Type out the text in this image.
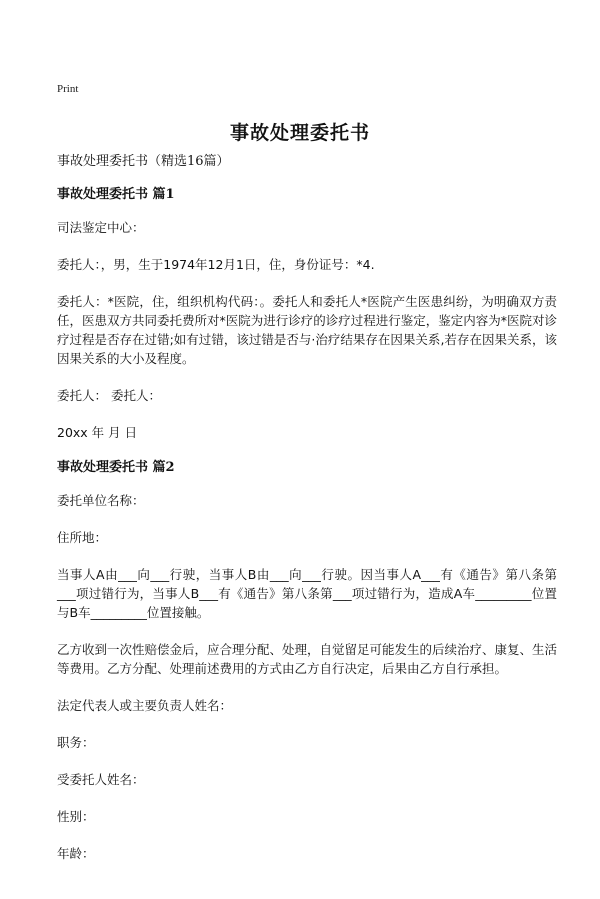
Print
事故处理委托书

事故处理委托书（精选16篇）

事故处理委托书 篇1

司法鉴定中心：

委托人：，男，生于1974年12月1日，住，身份证号：*4.

委托人：*医院，住，组织机构代码：。委托人和委托人*医院产生医患纠纷，为明确双方责任，医患双方共同委托费所对*医院为进行诊疗的诊疗过程进行鉴定，鉴定内容为*医院对诊疗过程是否存在过错;如有过错，该过错是否与·治疗结果存在因果关系,若存在因果关系，该因果关系的大小及程度。

委托人： 委托人：

20xx 年 月 日

事故处理委托书 篇2

委托单位名称：

住所地：

当事人A由___向___行驶，当事人B由___向___行驶。因当事人A___有《通告》第八条第___项过错行为，当事人B___有《通告》第八条第___项过错行为，造成A车_________位置与B车_________位置接触。

乙方收到一次性赔偿金后，应合理分配、处理，自觉留足可能发生的后续治疗、康复、生活等费用。乙方分配、处理前述费用的方式由乙方自行决定，后果由乙方自行承担。

法定代表人或主要负责人姓名：

职务：

受委托人姓名：

性别：

年龄：
